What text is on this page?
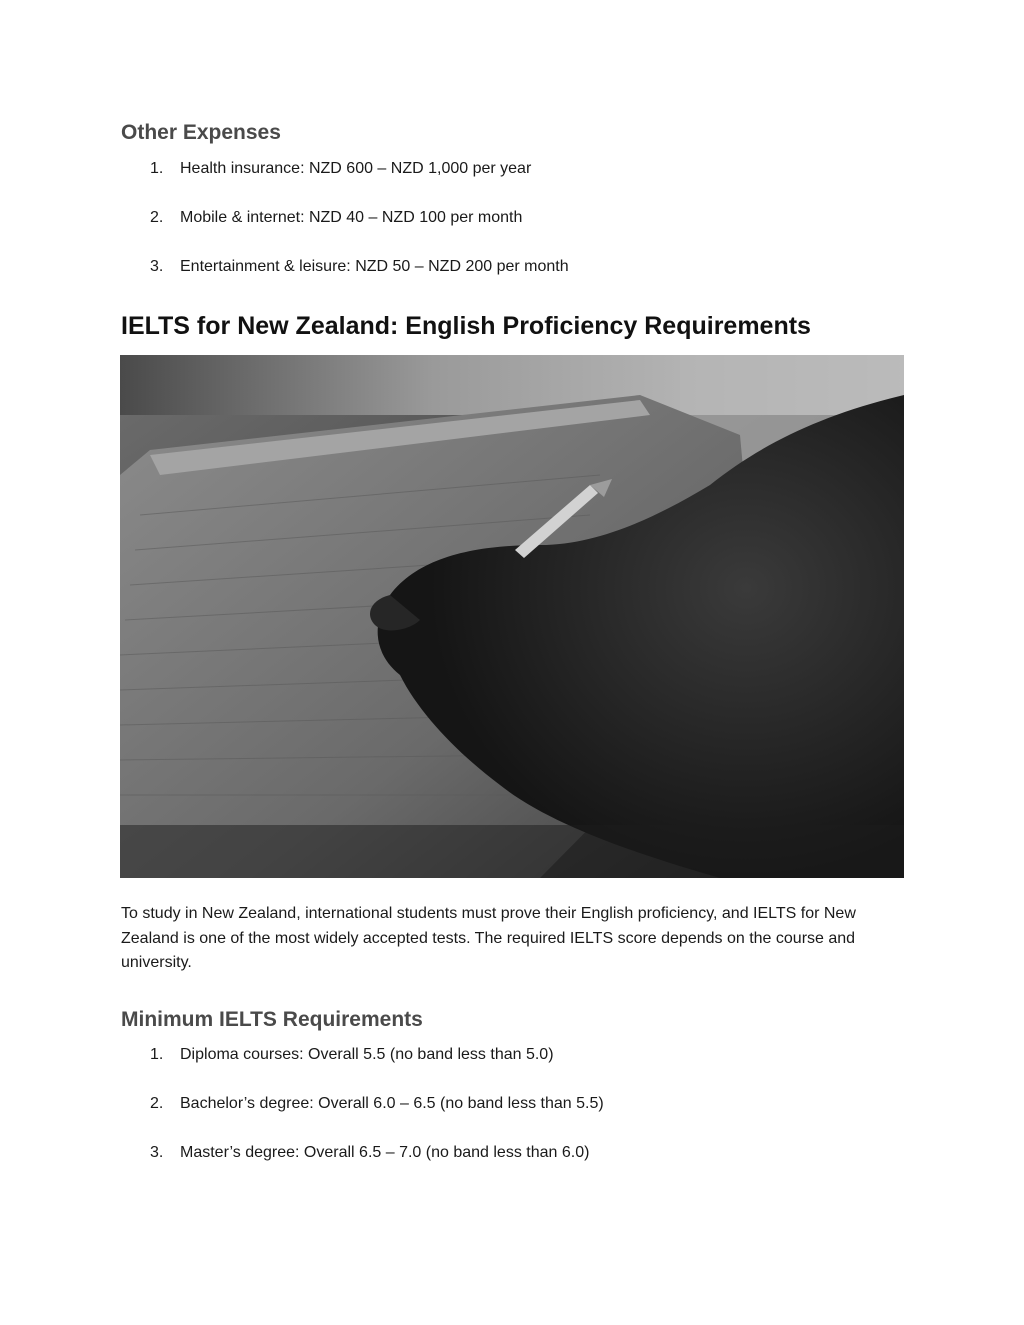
Other Expenses
1. Health insurance: NZD 600 – NZD 1,000 per year
2. Mobile & internet: NZD 40 – NZD 100 per month
3. Entertainment & leisure: NZD 50 – NZD 200 per month
IELTS for New Zealand: English Proficiency Requirements

To study in New Zealand, international students must prove their English proficiency, and IELTS for New Zealand is one of the most widely accepted tests. The required IELTS score depends on the course and university.

Minimum IELTS Requirements
1. Diploma courses: Overall 5.5 (no band less than 5.0)
2. Bachelor’s degree: Overall 6.0 – 6.5 (no band less than 5.5)
3. Master’s degree: Overall 6.5 – 7.0 (no band less than 6.0)
